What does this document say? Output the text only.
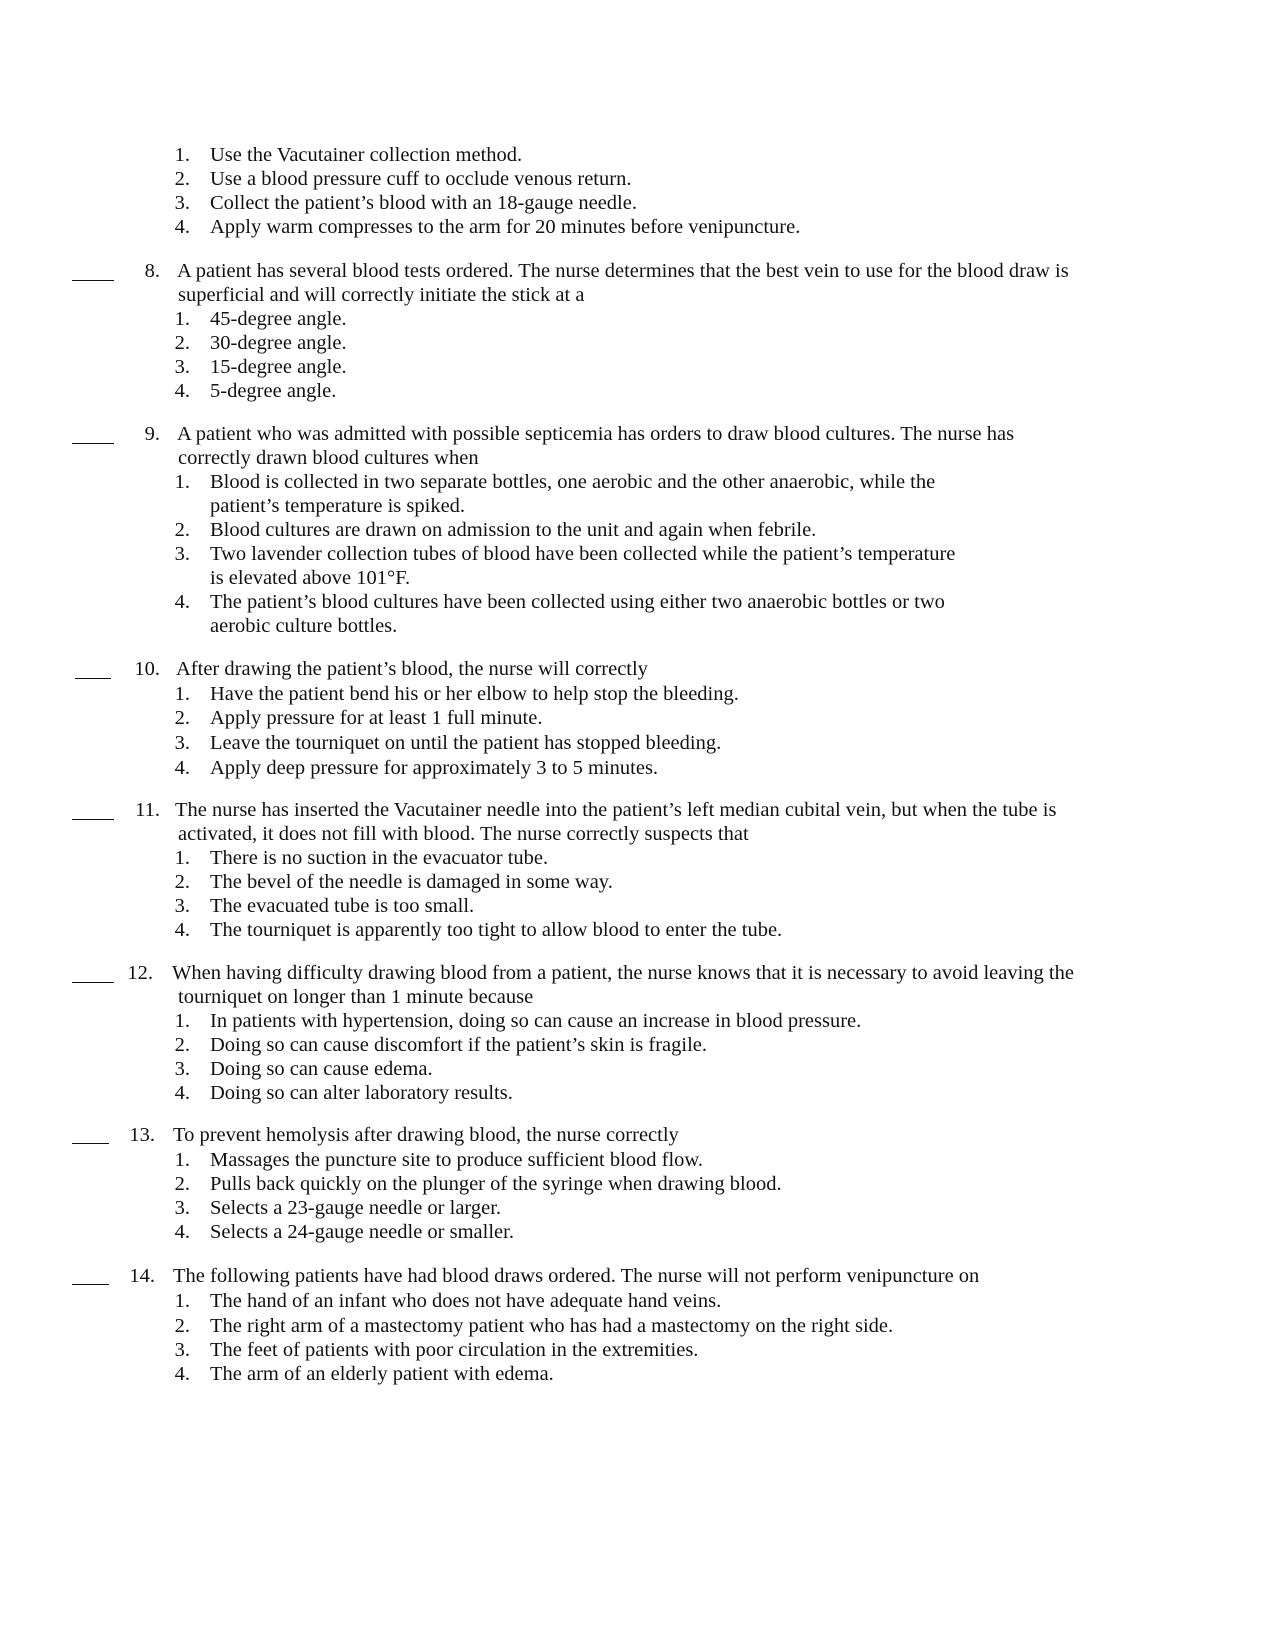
1. Use the Vacutainer collection method.
2. Use a blood pressure cuff to occlude venous return.
3. Collect the patient’s blood with an 18-gauge needle.
4. Apply warm compresses to the arm for 20 minutes before venipuncture.
8. A patient has several blood tests ordered. The nurse determines that the best vein to use for the blood draw is
superficial and will correctly initiate the stick at a
1. 45-degree angle.
2. 30-degree angle.
3. 15-degree angle.
4. 5-degree angle.
9. A patient who was admitted with possible septicemia has orders to draw blood cultures. The nurse has
correctly drawn blood cultures when
1. Blood is collected in two separate bottles, one aerobic and the other anaerobic, while the
patient’s temperature is spiked.
2. Blood cultures are drawn on admission to the unit and again when febrile.
3. Two lavender collection tubes of blood have been collected while the patient’s temperature
is elevated above 101°F.
4. The patient’s blood cultures have been collected using either two anaerobic bottles or two
aerobic culture bottles.
10. After drawing the patient’s blood, the nurse will correctly
1. Have the patient bend his or her elbow to help stop the bleeding.
2. Apply pressure for at least 1 full minute.
3. Leave the tourniquet on until the patient has stopped bleeding.
4. Apply deep pressure for approximately 3 to 5 minutes.
11. The nurse has inserted the Vacutainer needle into the patient’s left median cubital vein, but when the tube is
activated, it does not fill with blood. The nurse correctly suspects that
1. There is no suction in the evacuator tube.
2. The bevel of the needle is damaged in some way.
3. The evacuated tube is too small.
4. The tourniquet is apparently too tight to allow blood to enter the tube.
12. When having difficulty drawing blood from a patient, the nurse knows that it is necessary to avoid leaving the
tourniquet on longer than 1 minute because
1. In patients with hypertension, doing so can cause an increase in blood pressure.
2. Doing so can cause discomfort if the patient’s skin is fragile.
3. Doing so can cause edema.
4. Doing so can alter laboratory results.
13. To prevent hemolysis after drawing blood, the nurse correctly
1. Massages the puncture site to produce sufficient blood flow.
2. Pulls back quickly on the plunger of the syringe when drawing blood.
3. Selects a 23-gauge needle or larger.
4. Selects a 24-gauge needle or smaller.
14. The following patients have had blood draws ordered. The nurse will not perform venipuncture on
1. The hand of an infant who does not have adequate hand veins.
2. The right arm of a mastectomy patient who has had a mastectomy on the right side.
3. The feet of patients with poor circulation in the extremities.
4. The arm of an elderly patient with edema.
